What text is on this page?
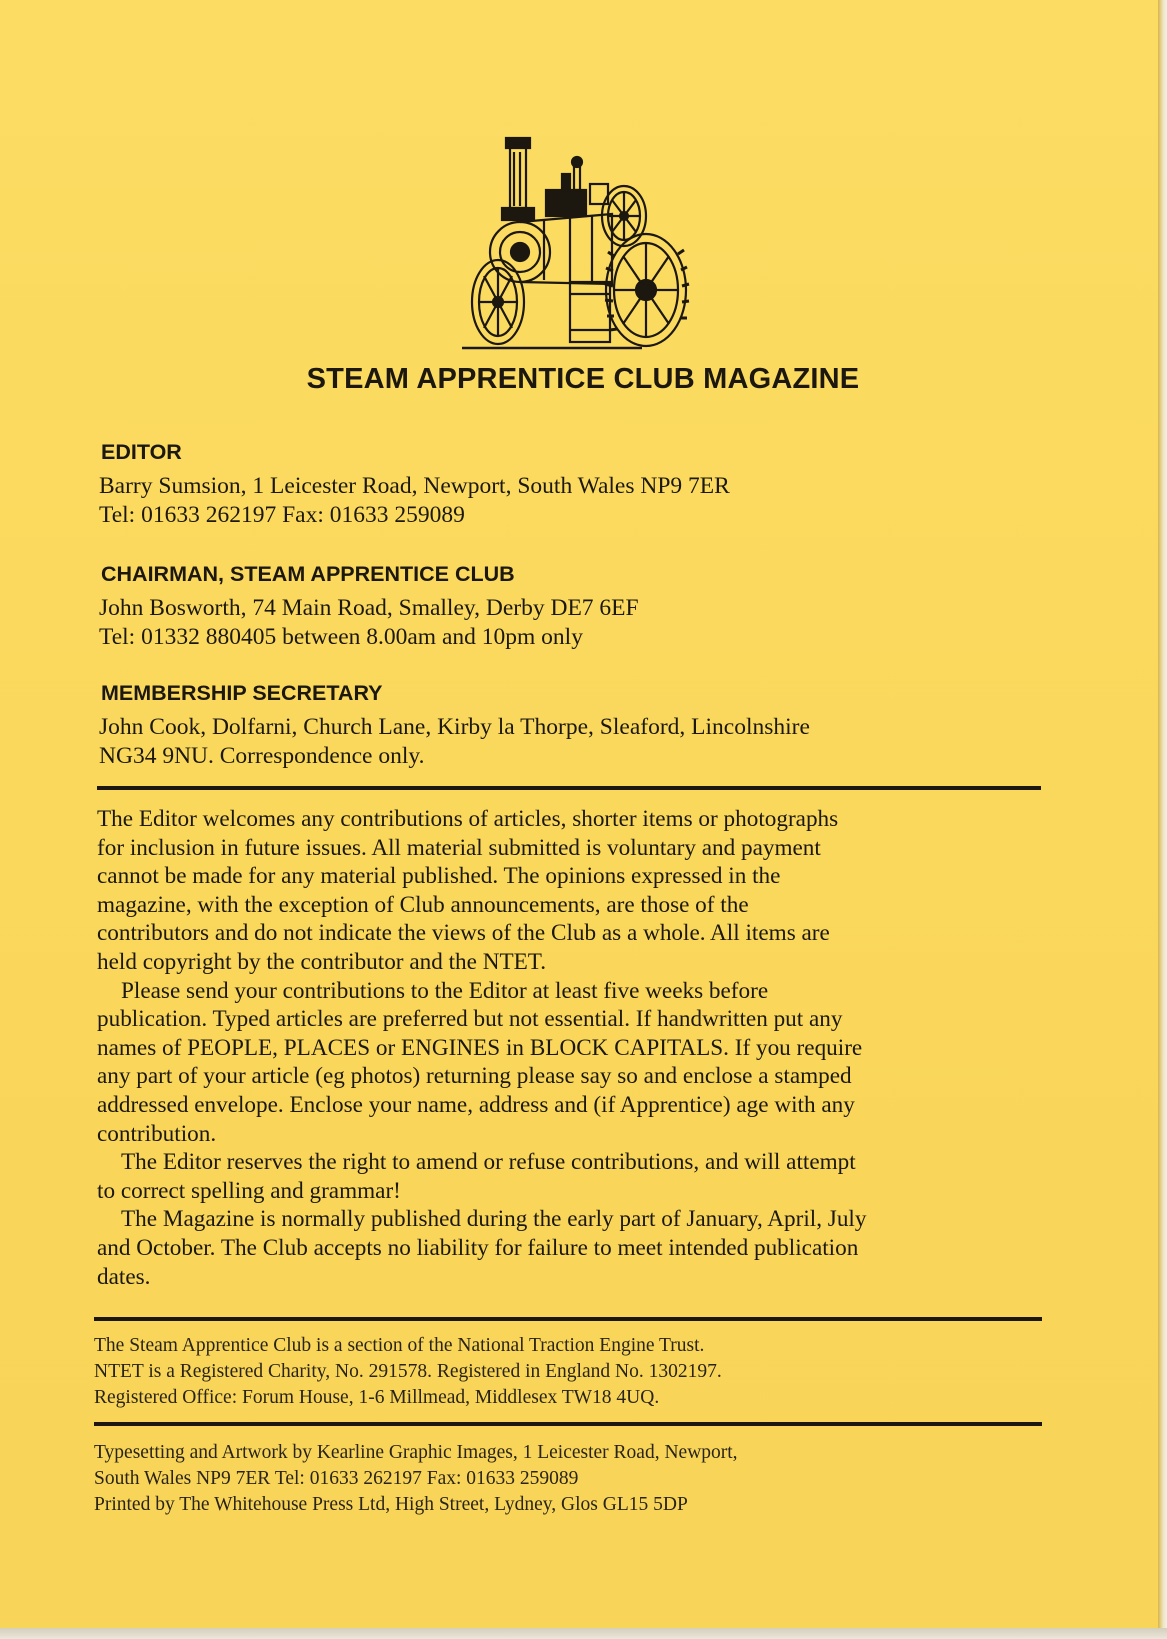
STEAM APPRENTICE CLUB MAGAZINE
EDITOR

Barry Sumsion, 1 Leicester Road, Newport, South Wales NP9 7ER

Tel: 01633 262197 Fax: 01633 259089

CHAIRMAN, STEAM APPRENTICE CLUB

John Bosworth, 74 Main Road, Smalley, Derby DE7 6EF

Tel: 01332 880405 between 8.00am and 10pm only

MEMBERSHIP SECRETARY

John Cook, Dolfarni, Church Lane, Kirby la Thorpe, Sleaford, Lincolnshire

NG34 9NU. Correspondence only.

The Editor welcomes any contributions of articles, shorter items or photographs
for inclusion in future issues. All material submitted is voluntary and payment
cannot be made for any material published. The opinions expressed in the
magazine, with the exception of Club announcements, are those of the
contributors and do not indicate the views of the Club as a whole. All items are
held copyright by the contributor and the NTET.
Please send your contributions to the Editor at least five weeks before
publication. Typed articles are preferred but not essential. If handwritten put any
names of PEOPLE, PLACES or ENGINES in BLOCK CAPITALS. If you require
any part of your article (eg photos) returning please say so and enclose a stamped
addressed envelope. Enclose your name, address and (if Apprentice) age with any
contribution.
The Editor reserves the right to amend or refuse contributions, and will attempt
to correct spelling and grammar!
The Magazine is normally published during the early part of January, April, July
and October. The Club accepts no liability for failure to meet intended publication
dates.
The Steam Apprentice Club is a section of the National Traction Engine Trust.
NTET is a Registered Charity, No. 291578. Registered in England No. 1302197.
Registered Office: Forum House, 1-6 Millmead, Middlesex TW18 4UQ.
Typesetting and Artwork by Kearline Graphic Images, 1 Leicester Road, Newport,
South Wales NP9 7ER Tel: 01633 262197 Fax: 01633 259089
Printed by The Whitehouse Press Ltd, High Street, Lydney, Glos GL15 5DP
